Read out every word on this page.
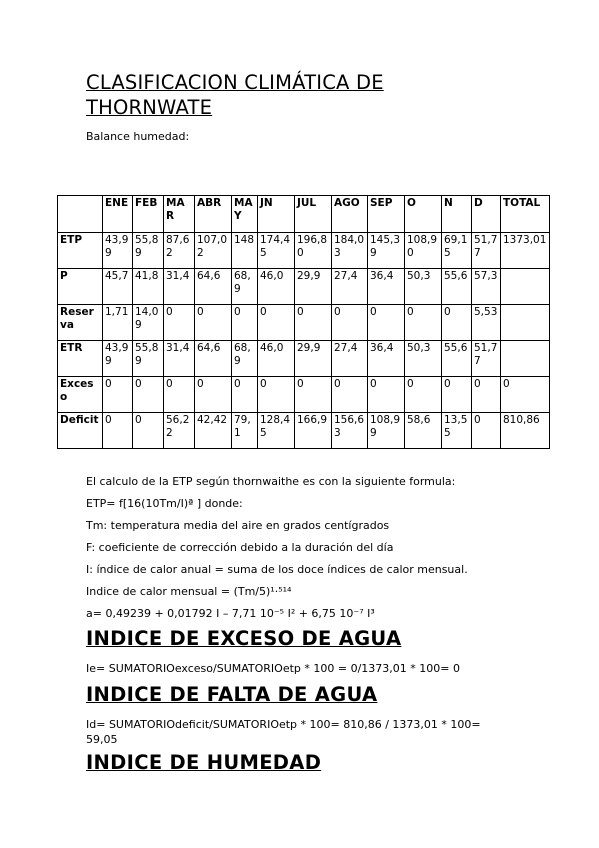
CLASIFICACION CLIMÁTICA DE THORNWATE
Balance humedad:
	ENE	FEB	MAR	ABR	MAY	JN	JUL	AGO	SEP	O	N	D	TOTAL
ETP	43,99	55,89	87,62	107,02	148	174,45	196,80	184,03	145,39	108,90	69,15	51,77	1373,01
P	45,7	41,8	31,4	64,6	68,9	46,0	29,9	27,4	36,4	50,3	55,6	57,3	
Reserva	1,71	14,09	0	0	0	0	0	0	0	0	0	5,53	
ETR	43,99	55,89	31,4	64,6	68,9	46,0	29,9	27,4	36,4	50,3	55,6	51,77	
Exceso	0	0	0	0	0	0	0	0	0	0	0	0	0
Deficit	0	0	56,22	42,42	79,1	128,45	166,9	156,63	108,99	58,6	13,55	0	810,86
El calculo de la ETP según thornwaithe es con la siguiente formula:
ETP= f[16(10Tm/I)ª ] donde:
Tm: temperatura media del aire en grados centígrados
F: coeficiente de corrección debido a la duración del día
I: índice de calor anual = suma de los doce índices de calor mensual.
Indice de calor mensual = (Tm/5)¹·⁵¹⁴
a= 0,49239 + 0,01792 I – 7,71 10⁻⁵ I² + 6,75 10⁻⁷ I³
INDICE DE EXCESO DE AGUA
Ie= SUMATORIOexceso/SUMATORIOetp * 100 = 0/1373,01 * 100= 0
INDICE DE FALTA DE AGUA
Id= SUMATORIOdeficit/SUMATORIOetp * 100= 810,86 / 1373,01 * 100= 59,05
INDICE DE HUMEDAD
